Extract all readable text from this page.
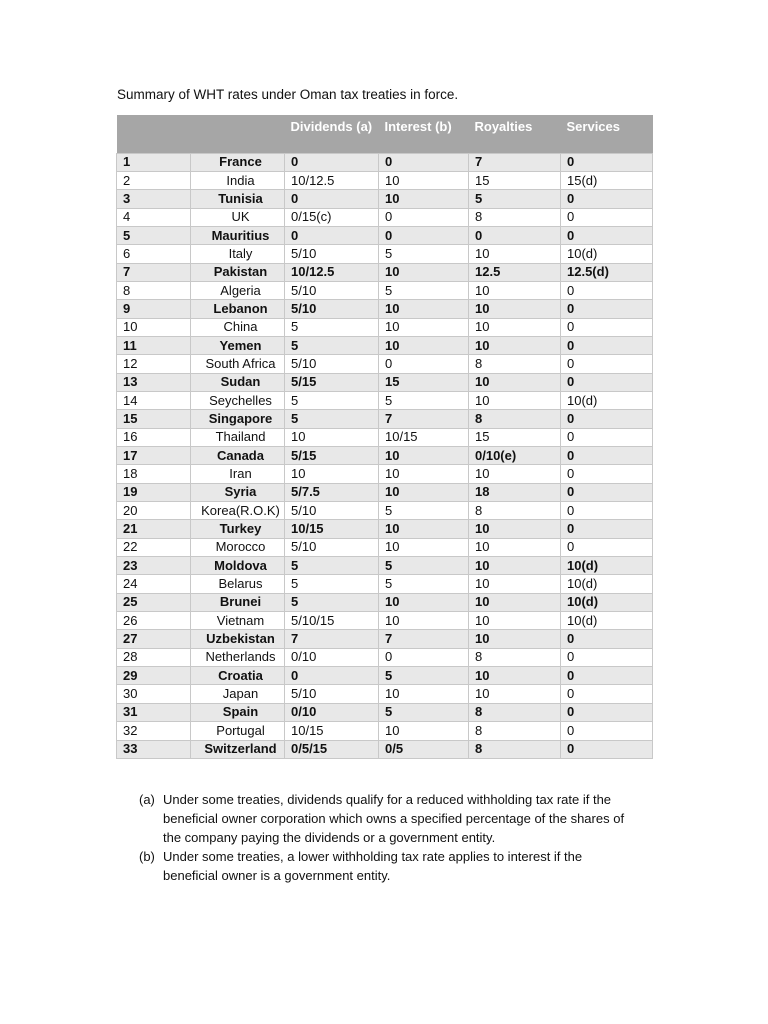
Summary of WHT rates under Oman tax treaties in force.
		Dividends (a)	Interest (b)	Royalties	Services
1	France	0	0	7	0
2	India	10/12.5	10	15	15(d)
3	Tunisia	0	10	5	0
4	UK	0/15(c)	0	8	0
5	Mauritius	0	0	0	0
6	Italy	5/10	5	10	10(d)
7	Pakistan	10/12.5	10	12.5	12.5(d)
8	Algeria	5/10	5	10	0
9	Lebanon	5/10	10	10	0
10	China	5	10	10	0
11	Yemen	5	10	10	0
12	South Africa	5/10	0	8	0
13	Sudan	5/15	15	10	0
14	Seychelles	5	5	10	10(d)
15	Singapore	5	7	8	0
16	Thailand	10	10/15	15	0
17	Canada	5/15	10	0/10(e)	0
18	Iran	10	10	10	0
19	Syria	5/7.5	10	18	0
20	Korea(R.O.K)	5/10	5	8	0
21	Turkey	10/15	10	10	0
22	Morocco	5/10	10	10	0
23	Moldova	5	5	10	10(d)
24	Belarus	5	5	10	10(d)
25	Brunei	5	10	10	10(d)
26	Vietnam	5/10/15	10	10	10(d)
27	Uzbekistan	7	7	10	0
28	Netherlands	0/10	0	8	0
29	Croatia	0	5	10	0
30	Japan	5/10	10	10	0
31	Spain	0/10	5	8	0
32	Portugal	10/15	10	8	0
33	Switzerland	0/5/15	0/5	8	0
(a) Under some treaties, dividends qualify for a reduced withholding tax rate if the beneficial owner corporation which owns a specified percentage of the shares of the company paying the dividends or a government entity.
(b) Under some treaties, a lower withholding tax rate applies to interest if the beneficial owner is a government entity.
